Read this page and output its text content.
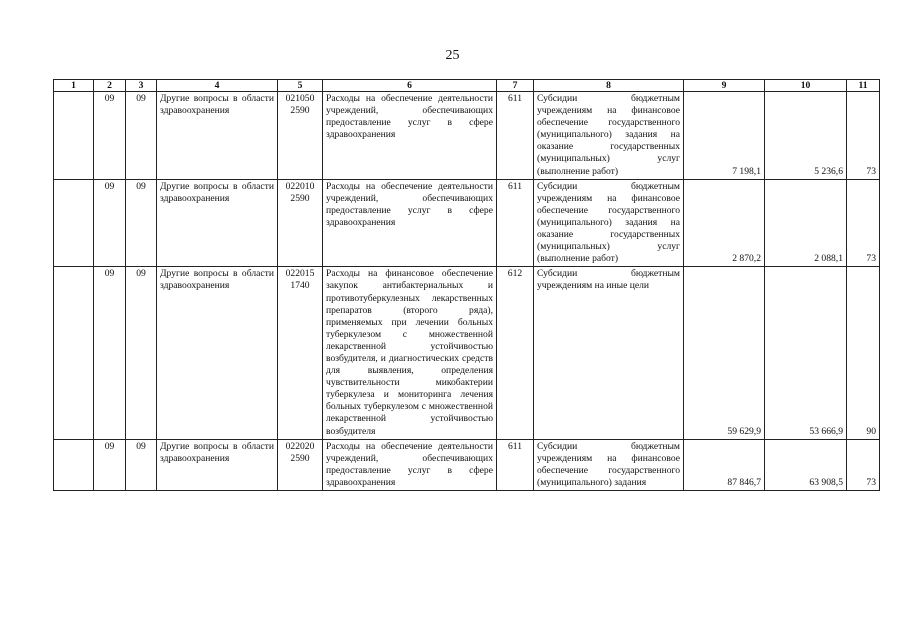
25
1	2	3	4	5	6	7	8	9	10	11
	09	09	Другие вопросы в области здравоохранения	021050 2590	Расходы на обеспечение деятельности учреждений, обеспечивающих предоставление услуг в сфере здравоохранения	611	Субсидии бюджетным учреждениям на финансовое обеспечение государственного (муниципального) задания на оказание государственных (муниципальных) услуг (выполнение работ)	7 198,1	5 236,6	73
	09	09	Другие вопросы в области здравоохранения	022010 2590	Расходы на обеспечение деятельности учреждений, обеспечивающих предоставление услуг в сфере здравоохранения	611	Субсидии бюджетным учреждениям на финансовое обеспечение государственного (муниципального) задания на оказание государственных (муниципальных) услуг (выполнение работ)	2 870,2	2 088,1	73
	09	09	Другие вопросы в области здравоохранения	022015 1740	Расходы на финансовое обеспечение закупок антибактериальных и противотуберкулезных лекарственных препаратов (второго ряда), применяемых при лечении больных туберкулезом с множественной лекарственной устойчивостью возбудителя, и диагностических средств для выявления, определения чувствительности микобактерии туберкулеза и мониторинга лечения больных туберкулезом с множественной лекарственной устойчивостью возбудителя	612	Субсидии бюджетным учреждениям на иные цели	59 629,9	53 666,9	90
	09	09	Другие вопросы в области здравоохранения	022020 2590	Расходы на обеспечение деятельности учреждений, обеспечивающих предоставление услуг в сфере здравоохранения	611	Субсидии бюджетным учреждениям на финансовое обеспечение государственного (муниципального) задания	87 846,7	63 908,5	73
